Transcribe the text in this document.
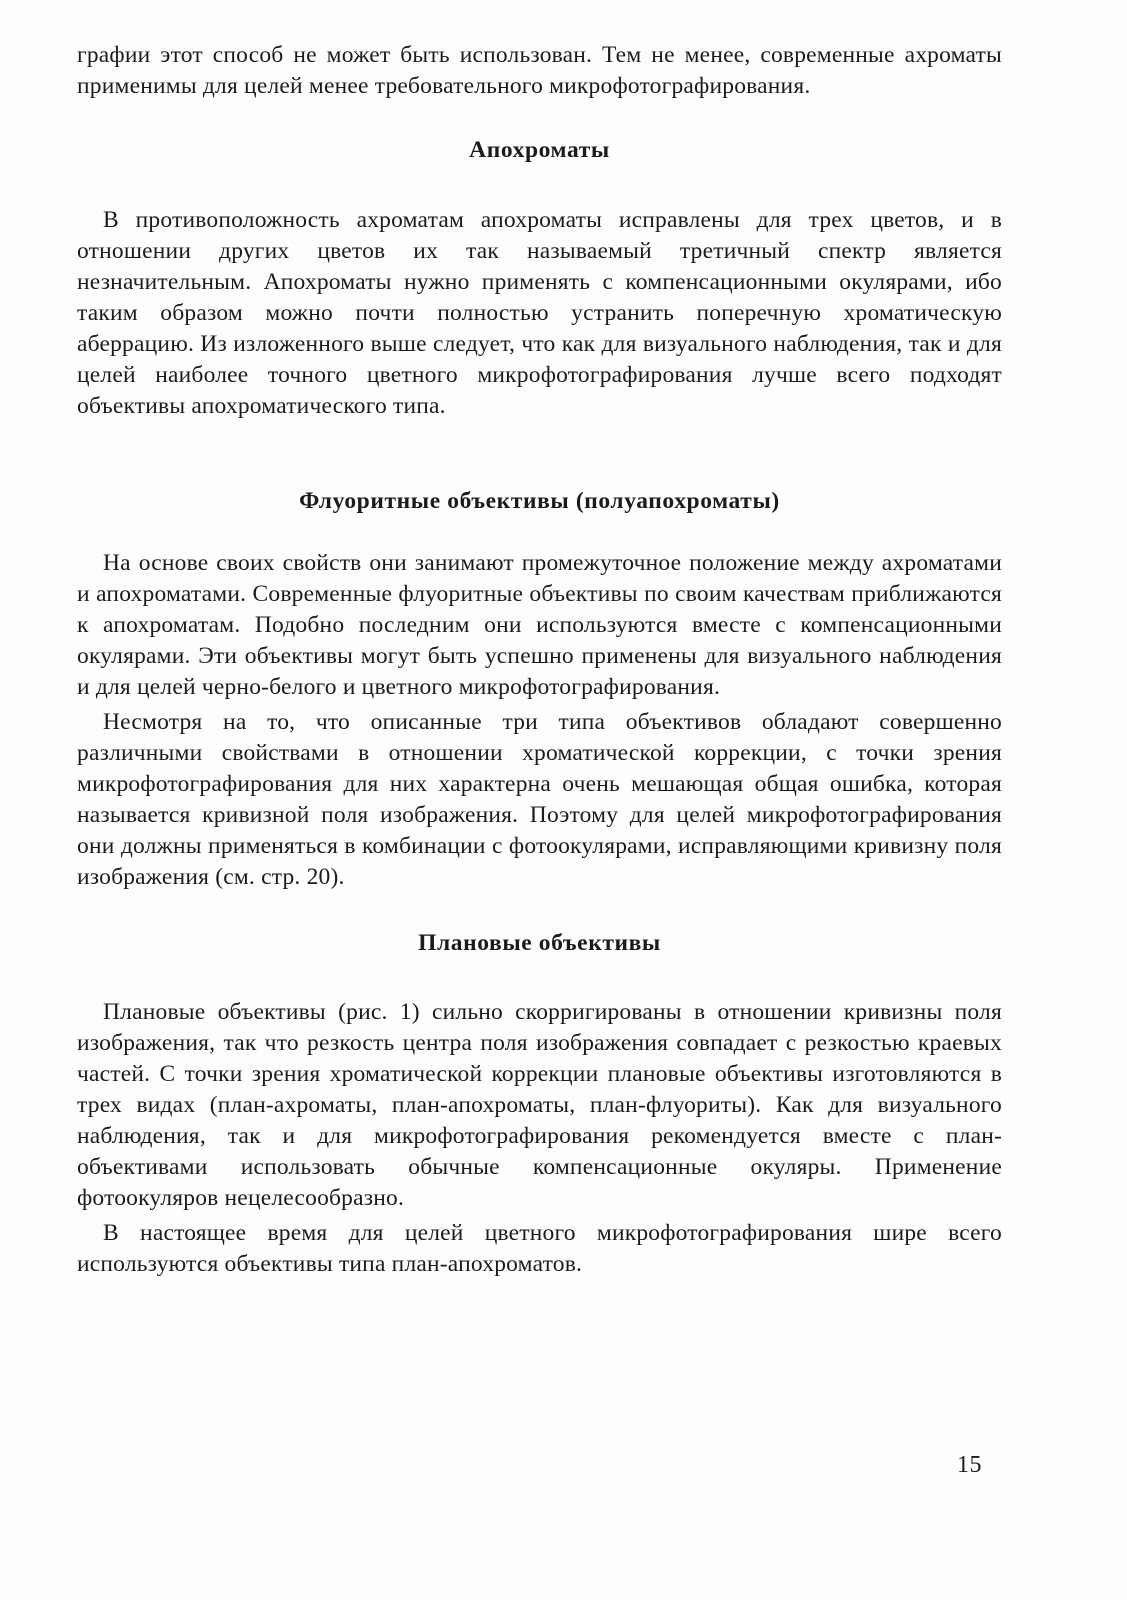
графии этот способ не может быть использован. Тем не менее, современные ахроматы применимы для целей менее требовательного микрофотографирования.

Апохроматы

В противоположность ахроматам апохроматы исправлены для трех цветов, и в отношении других цветов их так называемый третичный спектр является незначительным. Апохроматы нужно применять с компенсационными окулярами, ибо таким образом можно почти полностью устранить поперечную хроматическую аберрацию. Из изложенного выше следует, что как для визуального наблюдения, так и для целей наиболее точного цветного микрофотографирования лучше всего подходят объективы апохроматического типа.

Флуоритные объективы (полуапохроматы)

На основе своих свойств они занимают промежуточное положение между ахроматами и апохроматами. Современные флуоритные объективы по своим качествам приближаются к апохроматам. Подобно последним они используются вместе с компенсационными окулярами. Эти объективы могут быть успешно применены для визуального наблюдения и для целей черно-белого и цветного микрофотографирования.

Несмотря на то, что описанные три типа объективов обладают совершенно различными свойствами в отношении хроматической коррекции, с точки зрения микрофотографирования для них характерна очень мешающая общая ошибка, которая называется кривизной поля изображения. Поэтому для целей микрофотографирования они должны применяться в комбинации с фотоокулярами, исправляющими кривизну поля изображения (см. стр. 20).

Плановые объективы

Плановые объективы (рис. 1) сильно скорригированы в отношении кривизны поля изображения, так что резкость центра поля изображения совпадает с резкостью краевых частей. С точки зрения хроматической коррекции плановые объективы изготовляются в трех видах (план-ахроматы, план-апохроматы, план-флуориты). Как для визуального наблюдения, так и для микрофотографирования рекомендуется вместе с план-объективами использовать обычные компенсационные окуляры. Применение фотоокуляров нецелесообразно.

В настоящее время для целей цветного микрофотографирования шире всего используются объективы типа план-апохроматов.

15
